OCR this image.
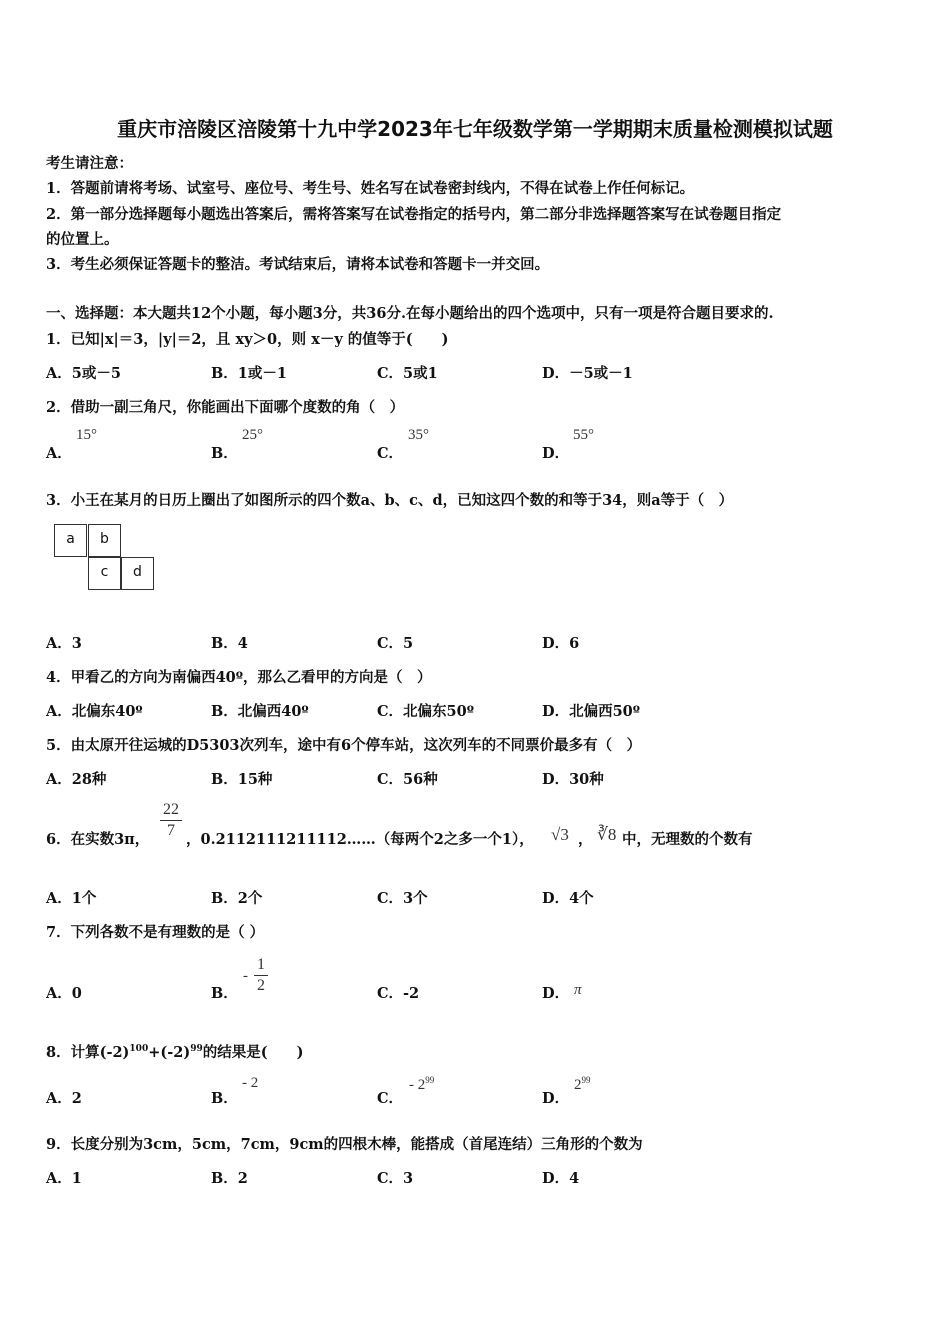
重庆市涪陵区涪陵第十九中学2023年七年级数学第一学期期末质量检测模拟试题
考生请注意：
1．答题前请将考场、试室号、座位号、考生号、姓名写在试卷密封线内，不得在试卷上作任何标记。
2．第一部分选择题每小题选出答案后，需将答案写在试卷指定的括号内，第二部分非选择题答案写在试卷题目指定
的位置上。
3．考生必须保证答题卡的整洁。考试结束后，请将本试卷和答题卡一并交回。
一、选择题：本大题共12个小题，每小题3分，共36分.在每小题给出的四个选项中，只有一项是符合题目要求的.
1．已知|x|＝3，|y|＝2，且 xy＞0，则 x－y 的值等于(　　)
A．5或－5	B．1或－1	C．5或1	D．－5或－1
2．借助一副三角尺，你能画出下面哪个度数的角（　）
A．
15°
B．
25°
C．
35°
D．
55°
3．小王在某月的日历上圈出了如图所示的四个数a、b、c、d，已知这四个数的和等于34，则a等于（　）
a	b
c	d
A．3	B．4	C．5	D．6
4．甲看乙的方向为南偏西40º，那么乙看甲的方向是（　）
A．北偏东40º	B．北偏西40º	C．北偏东50º	D．北偏西50º
5．由太原开往运城的D5303次列车，途中有6个停车站，这次列车的不同票价最多有（　）
A．28种	B．15种	C．56种	D．30种
6．在实数3π，
22
7
，0.2112111211112……（每两个2之多一个1）， √3 ， ∛8 中，无理数的个数有
A．1个	B．2个	C．3个	D．4个
7．下列各数不是有理数的是（ ）
A．0	B．
-
1
2	C．-2	D． π
8．计算$(-2)^{100}+(-2)^{99}$的结果是(　　)
A．2	B．
- 2
C．
- $2^{99}$
D．
$2^{99}$
9．长度分别为3cm，5cm，7cm，9cm的四根木棒，能搭成（首尾连结）三角形的个数为
A．1	B．2	C．3	D．4
